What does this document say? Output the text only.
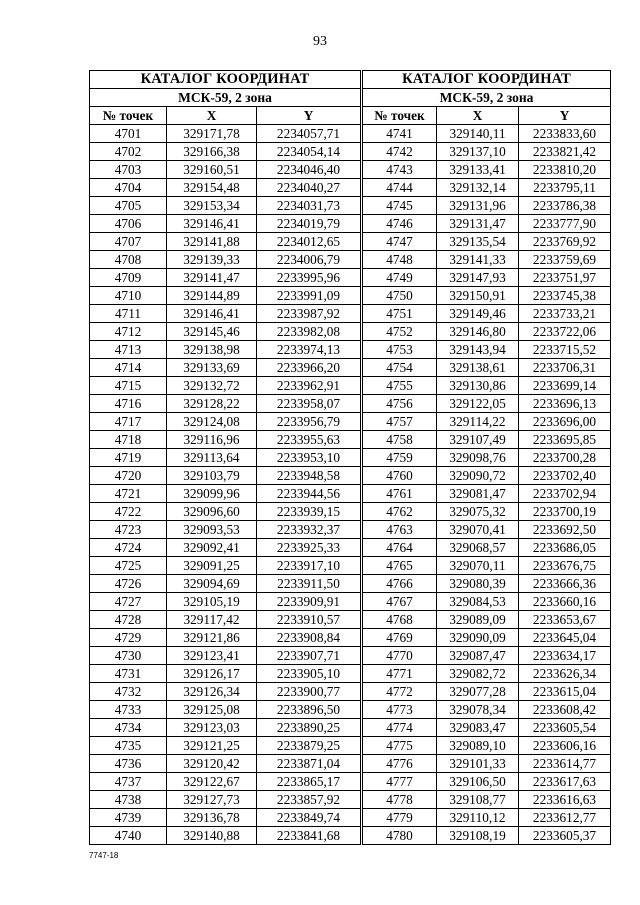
93
КАТАЛОГ КООРДИНАТ		
МСК-59, 2 зона		
№ точек	X	Y
4701	329171,78	2234057,71
4702	329166,38	2234054,14
4703	329160,51	2234046,40
4704	329154,48	2234040,27
4705	329153,34	2234031,73
4706	329146,41	2234019,79
4707	329141,88	2234012,65
4708	329139,33	2234006,79
4709	329141,47	2233995,96
4710	329144,89	2233991,09
4711	329146,41	2233987,92
4712	329145,46	2233982,08
4713	329138,98	2233974,13
4714	329133,69	2233966,20
4715	329132,72	2233962,91
4716	329128,22	2233958,07
4717	329124,08	2233956,79
4718	329116,96	2233955,63
4719	329113,64	2233953,10
4720	329103,79	2233948,58
4721	329099,96	2233944,56
4722	329096,60	2233939,15
4723	329093,53	2233932,37
4724	329092,41	2233925,33
4725	329091,25	2233917,10
4726	329094,69	2233911,50
4727	329105,19	2233909,91
4728	329117,42	2233910,57
4729	329121,86	2233908,84
4730	329123,41	2233907,71
4731	329126,17	2233905,10
4732	329126,34	2233900,77
4733	329125,08	2233896,50
4734	329123,03	2233890,25
4735	329121,25	2233879,25
4736	329120,42	2233871,04
4737	329122,67	2233865,17
4738	329127,73	2233857,92
4739	329136,78	2233849,74
4740	329140,88	2233841,68
КАТАЛОГ КООРДИНАТ		
МСК-59, 2 зона		
№ точек	X	Y
4741	329140,11	2233833,60
4742	329137,10	2233821,42
4743	329133,41	2233810,20
4744	329132,14	2233795,11
4745	329131,96	2233786,38
4746	329131,47	2233777,90
4747	329135,54	2233769,92
4748	329141,33	2233759,69
4749	329147,93	2233751,97
4750	329150,91	2233745,38
4751	329149,46	2233733,21
4752	329146,80	2233722,06
4753	329143,94	2233715,52
4754	329138,61	2233706,31
4755	329130,86	2233699,14
4756	329122,05	2233696,13
4757	329114,22	2233696,00
4758	329107,49	2233695,85
4759	329098,76	2233700,28
4760	329090,72	2233702,40
4761	329081,47	2233702,94
4762	329075,32	2233700,19
4763	329070,41	2233692,50
4764	329068,57	2233686,05
4765	329070,11	2233676,75
4766	329080,39	2233666,36
4767	329084,53	2233660,16
4768	329089,09	2233653,67
4769	329090,09	2233645,04
4770	329087,47	2233634,17
4771	329082,72	2233626,34
4772	329077,28	2233615,04
4773	329078,34	2233608,42
4774	329083,47	2233605,54
4775	329089,10	2233606,16
4776	329101,33	2233614,77
4777	329106,50	2233617,63
4778	329108,77	2233616,63
4779	329110,12	2233612,77
4780	329108,19	2233605,37
7747-18
